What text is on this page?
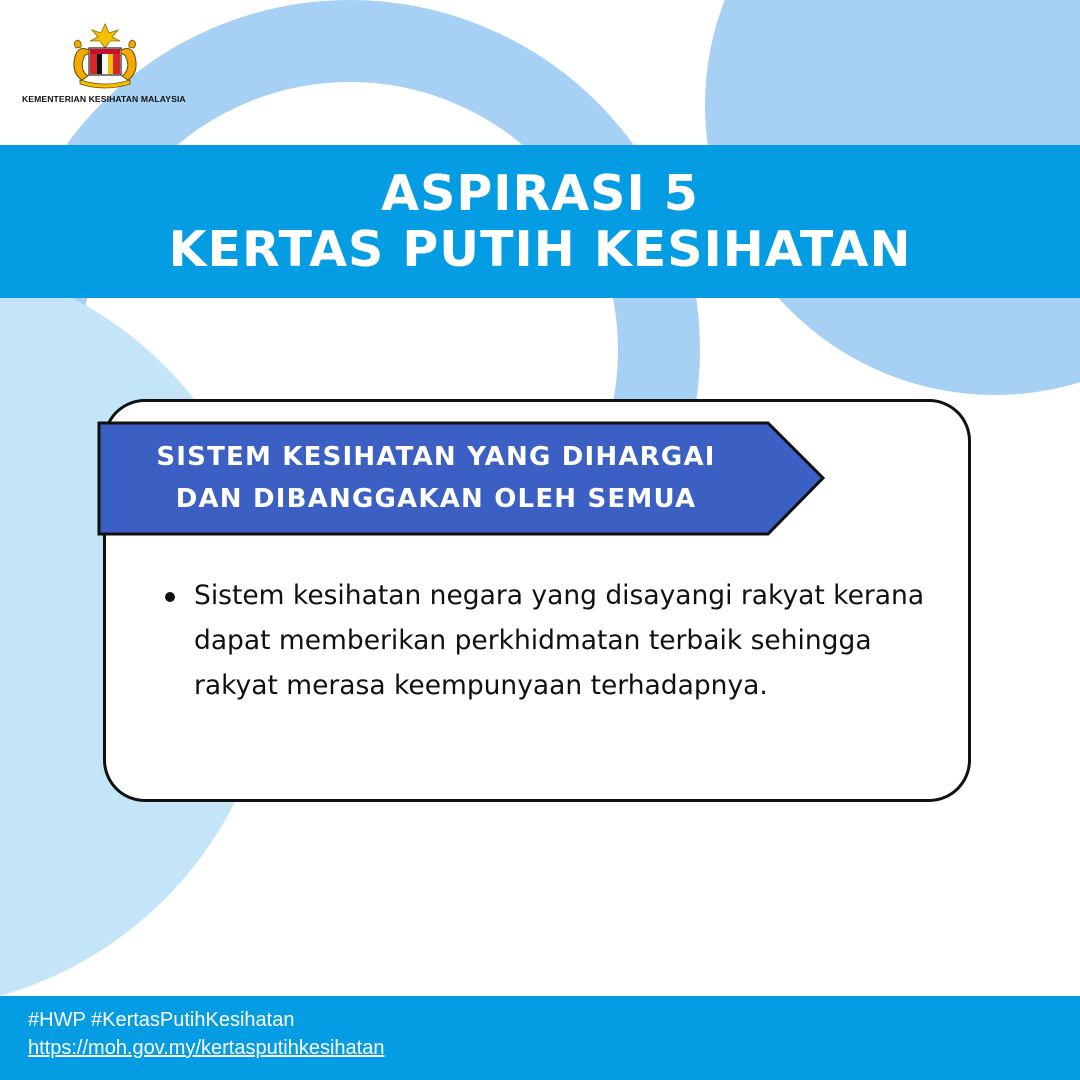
KEMENTERIAN KESIHATAN MALAYSIA
ASPIRASI 5
KERTAS PUTIH KESIHATAN
SISTEM KESIHATAN YANG DIHARGAI
DAN DIBANGGAKAN OLEH SEMUA
Sistem kesihatan negara yang disayangi rakyat kerana dapat memberikan perkhidmatan terbaik sehingga rakyat merasa keempunyaan terhadapnya.
#HWP #KertasPutihKesihatan
https://moh.gov.my/kertasputihkesihatan
